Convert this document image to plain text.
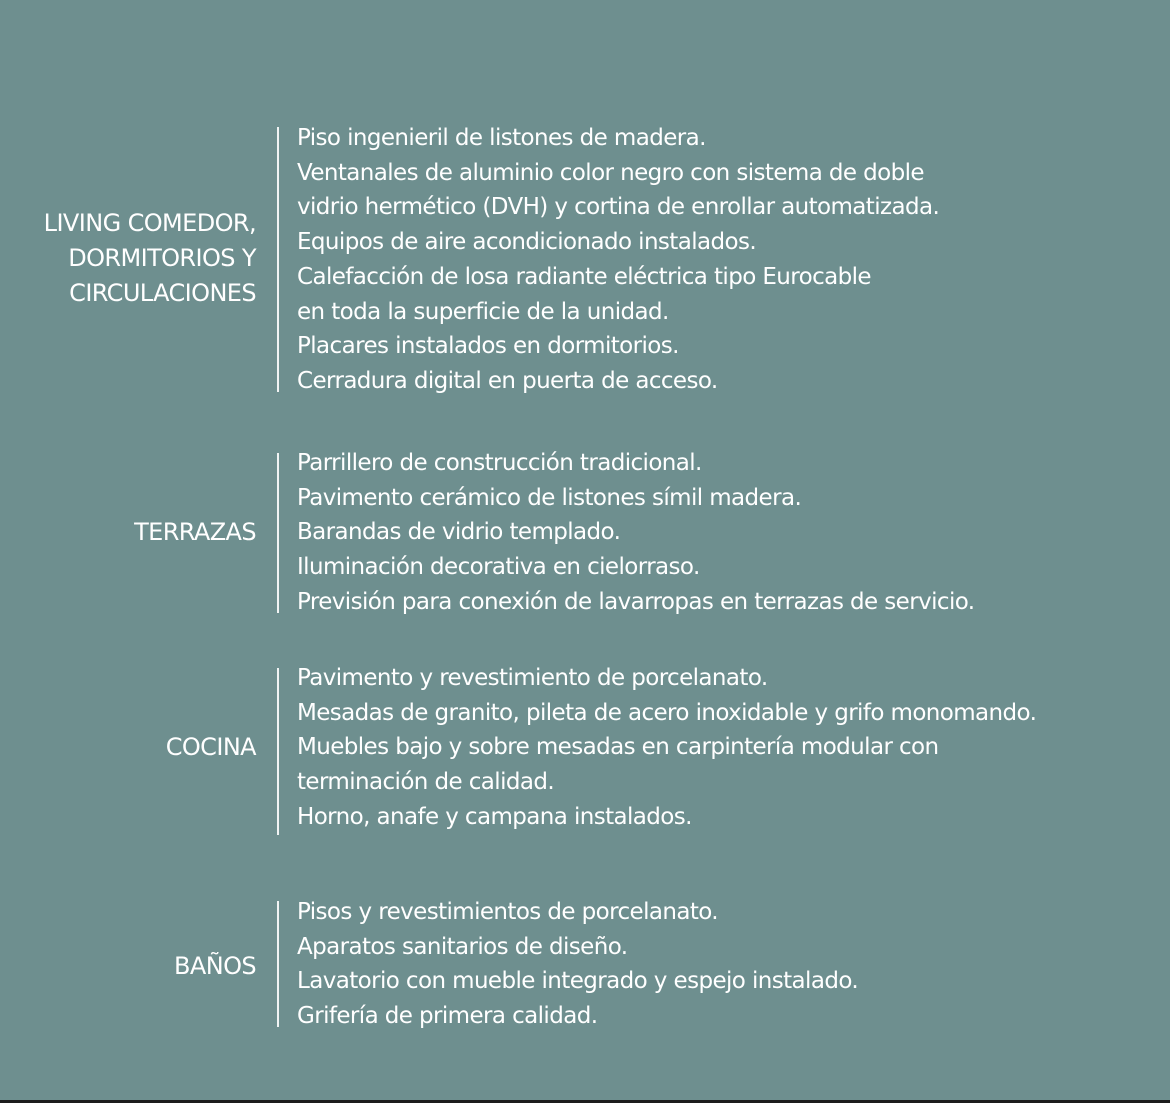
LIVING COMEDOR,
DORMITORIOS Y
CIRCULACIONES
Piso ingenieril de listones de madera.
Ventanales de aluminio color negro con sistema de doble
vidrio hermético (DVH) y cortina de enrollar automatizada.
Equipos de aire acondicionado instalados.
Calefacción de losa radiante eléctrica tipo Eurocable
en toda la superficie de la unidad.
Placares instalados en dormitorios.
Cerradura digital en puerta de acceso.
TERRAZAS
Parrillero de construcción tradicional.
Pavimento cerámico de listones símil madera.
Barandas de vidrio templado.
Iluminación decorativa en cielorraso.
Previsión para conexión de lavarropas en terrazas de servicio.
COCINA
Pavimento y revestimiento de porcelanato.
Mesadas de granito, pileta de acero inoxidable y grifo monomando.
Muebles bajo y sobre mesadas en carpintería modular con
terminación de calidad.
Horno, anafe y campana instalados.
BAÑOS
Pisos y revestimientos de porcelanato.
Aparatos sanitarios de diseño.
Lavatorio con mueble integrado y espejo instalado.
Grifería de primera calidad.
